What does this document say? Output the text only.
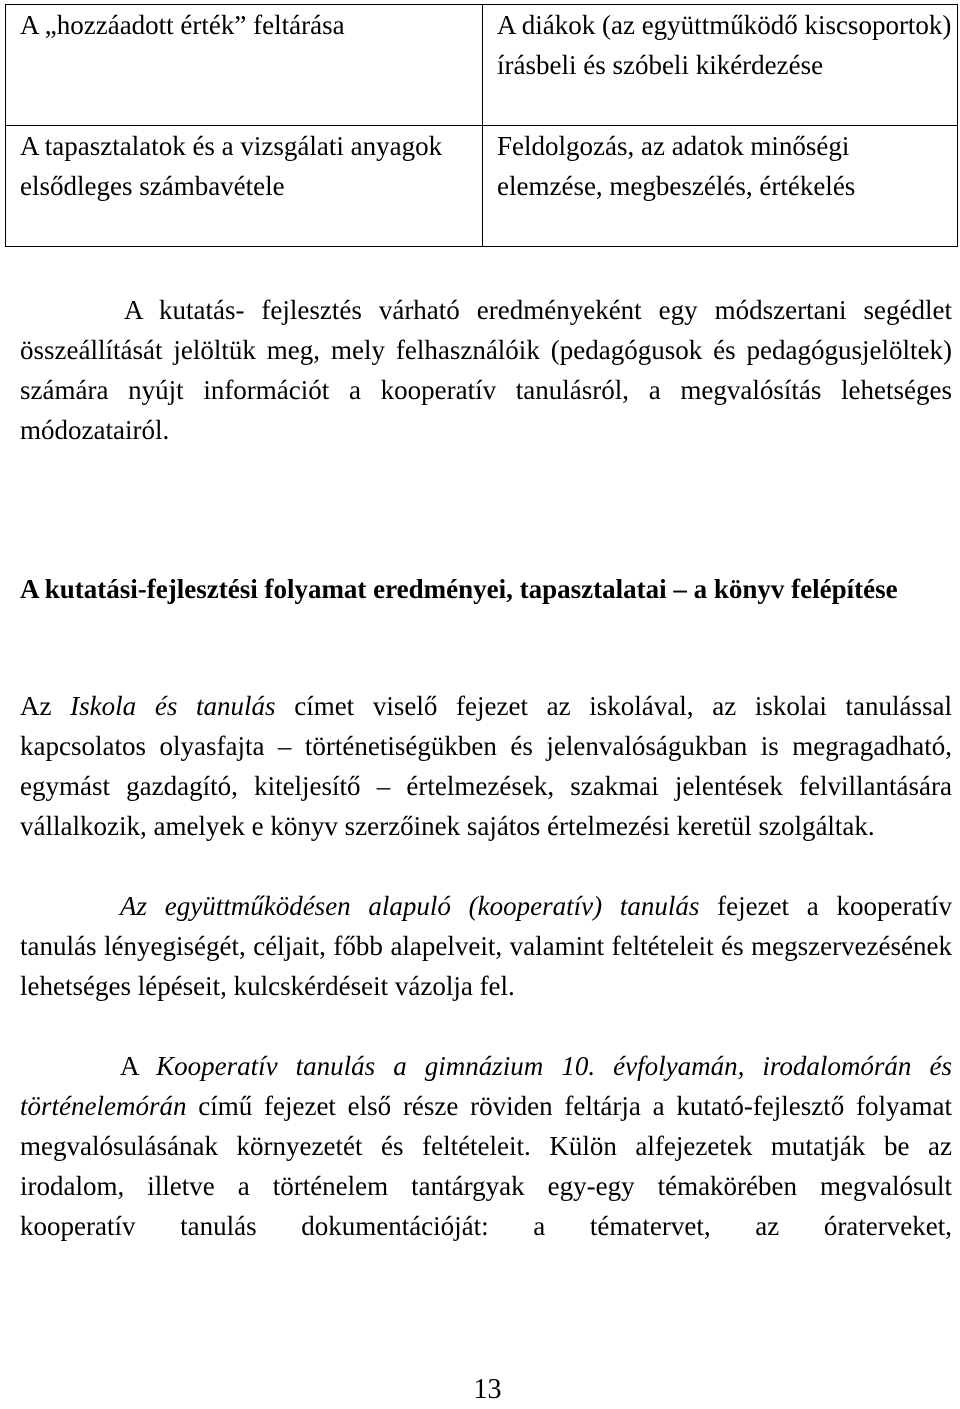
A „hozzáadott érték” feltárása	A diákok (az együttműködő kiscsoportok) írásbeli és szóbeli kikérdezése
A tapasztalatok és a vizsgálati anyagok elsődleges számbavétele	Feldolgozás, az adatok minőségi elemzése, megbeszélés, értékelés

A kutatás- fejlesztés várható eredményeként egy módszertani segédlet összeállítását jelöltük meg, mely felhasználóik (pedagógusok és pedagógusjelöltek) számára nyújt információt a kooperatív tanulásról, a megvalósítás lehetséges módozatairól.

A kutatási-fejlesztési folyamat eredményei, tapasztalatai – a könyv felépítése

Az Iskola és tanulás címet viselő fejezet az iskolával, az iskolai tanulással kapcsolatos olyasfajta – történetiségükben és jelenvalóságukban is megragadható, egymást gazdagító, kiteljesítő – értelmezések, szakmai jelentések felvillantására vállalkozik, amelyek e könyv szerzőinek sajátos értelmezési keretül szolgáltak.

Az együttműködésen alapuló (kooperatív) tanulás fejezet a kooperatív tanulás lényegiségét, céljait, főbb alapelveit, valamint feltételeit és megszervezésének lehetséges lépéseit, kulcskérdéseit vázolja fel.

A Kooperatív tanulás a gimnázium 10. évfolyamán, irodalomórán és történelemórán című fejezet első része röviden feltárja a kutató-fejlesztő folyamat megvalósulásának környezetét és feltételeit. Külön alfejezetek mutatják be az irodalom, illetve a történelem tantárgyak egy-egy témakörében megvalósult kooperatív tanulás dokumentációját: a tématervet, az óraterveket,

13
